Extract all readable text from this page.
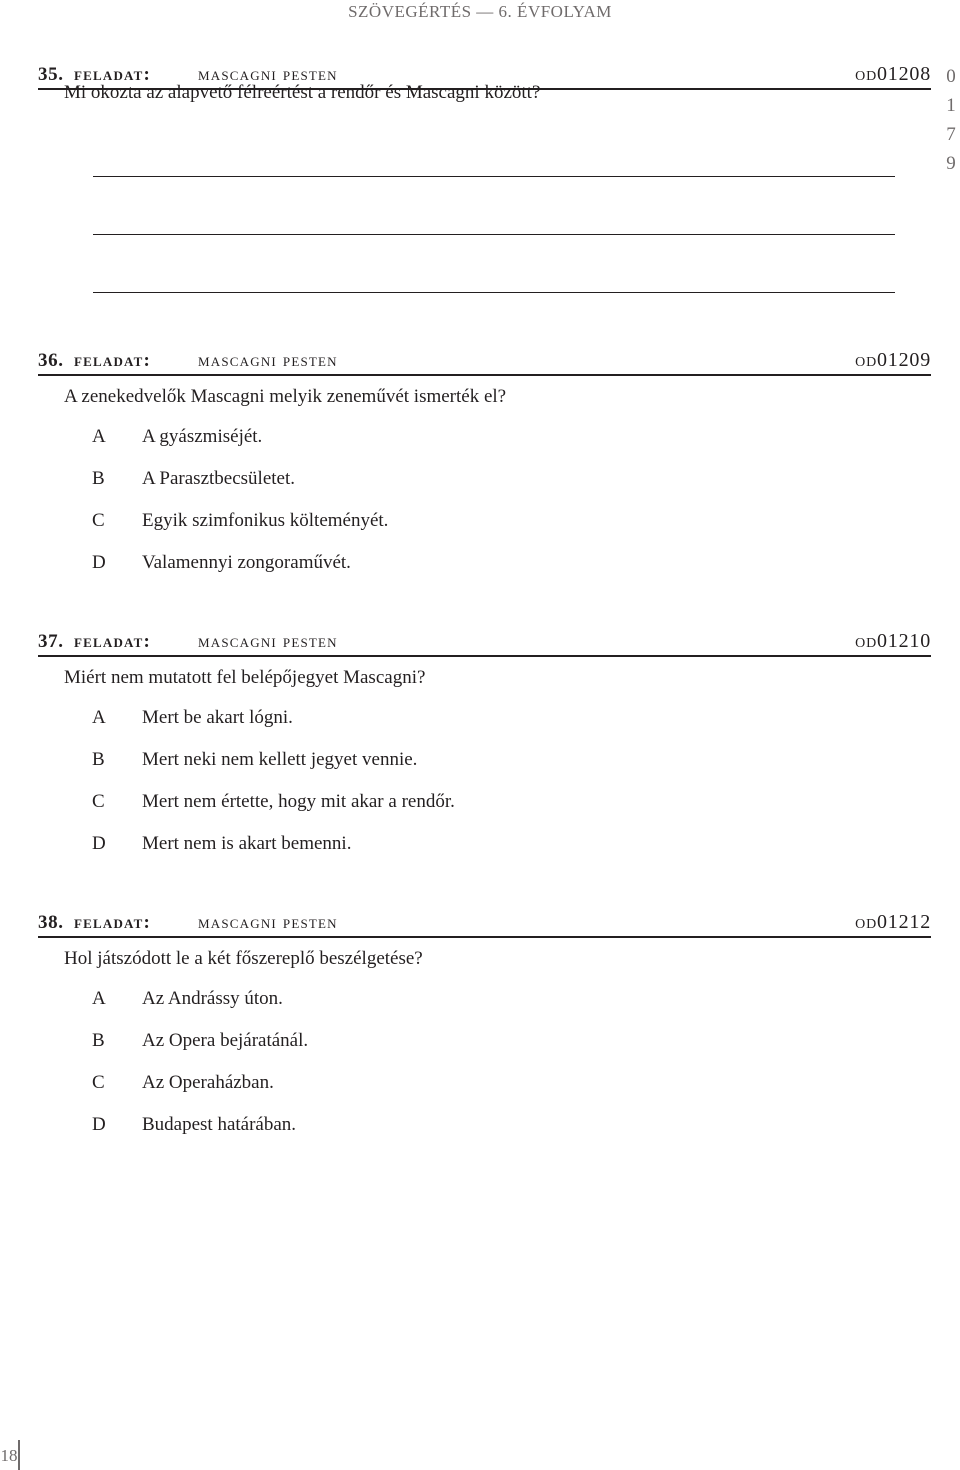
SZÖVEGÉRTÉS — 6. ÉVFOLYAM
35. feladat: mascagni pesten	od01208
Mi okozta az alapvető félreértést a rendőr és Mascagni között?
0
1
7
9
36. feladat: mascagni pesten	od01209
A zenekedvelők Mascagni melyik zeneművét ismerték el?
A	A gyászmiséjét.
B	A Parasztbecsületet.
C	Egyik szimfonikus költeményét.
D	Valamennyi zongoraművét.
37. feladat: mascagni pesten	od01210
Miért nem mutatott fel belépőjegyet Mascagni?
A	Mert be akart lógni.
B	Mert neki nem kellett jegyet vennie.
C	Mert nem értette, hogy mit akar a rendőr.
D	Mert nem is akart bemenni.
38. feladat: mascagni pesten	od01212
Hol játszódott le a két főszereplő beszélgetése?
A	Az Andrássy úton.
B	Az Opera bejáratánál.
C	Az Operaházban.
D	Budapest határában.
18
